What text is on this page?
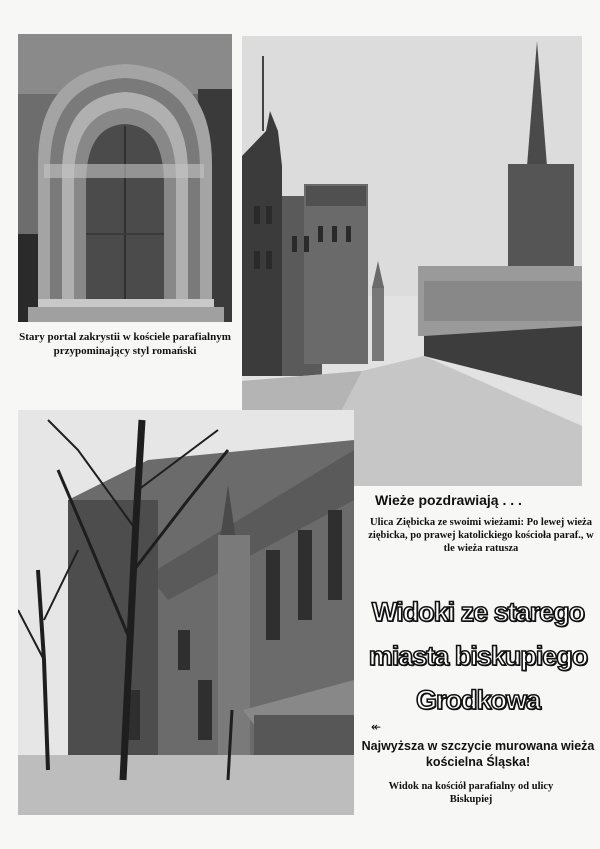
Stary portal zakrystii w kościele parafialnym przypominający styl romański
Wieże pozdrawiają . . .
Ulica Ziębicka ze swoimi wieżami: Po lewej wieża ziębicka, po prawej katolickiego kościoła paraf., w tle wieża ratusza
Widoki ze starego
miasta biskupiego
Grodkowa
↞
Najwyższa w szczycie murowana wieża kościelna Śląska!
Widok na kościół parafialny od ulicy Biskupiej
